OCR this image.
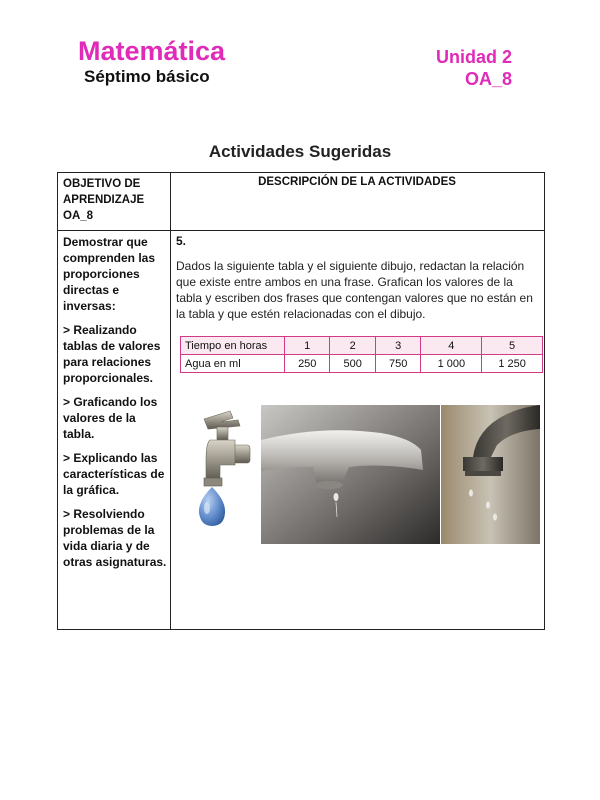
Matemática
Séptimo básico
Unidad 2
OA_8
Actividades Sugeridas
OBJETIVO DE
APRENDIZAJE
OA_8
DESCRIPCIÓN DE LA ACTIVIDADES

Demostrar que comprenden las proporciones directas e inversas:

> Realizando tablas de valores para relaciones proporcionales.

> Graficando los valores de la tabla.

> Explicando las características de la gráfica.

> Resolviendo problemas de la vida diaria y de otras asignaturas.

5.
Dados la siguiente tabla y el siguiente dibujo, redactan la relación que existe entre ambos en una frase. Grafican los valores de la tabla y escriben dos frases que contengan valores que no están en la tabla y que estén relacionadas con el dibujo.
Tiempo en horas	1	2	3	4	5
Agua en ml	250	500	750	1 000	1 250
